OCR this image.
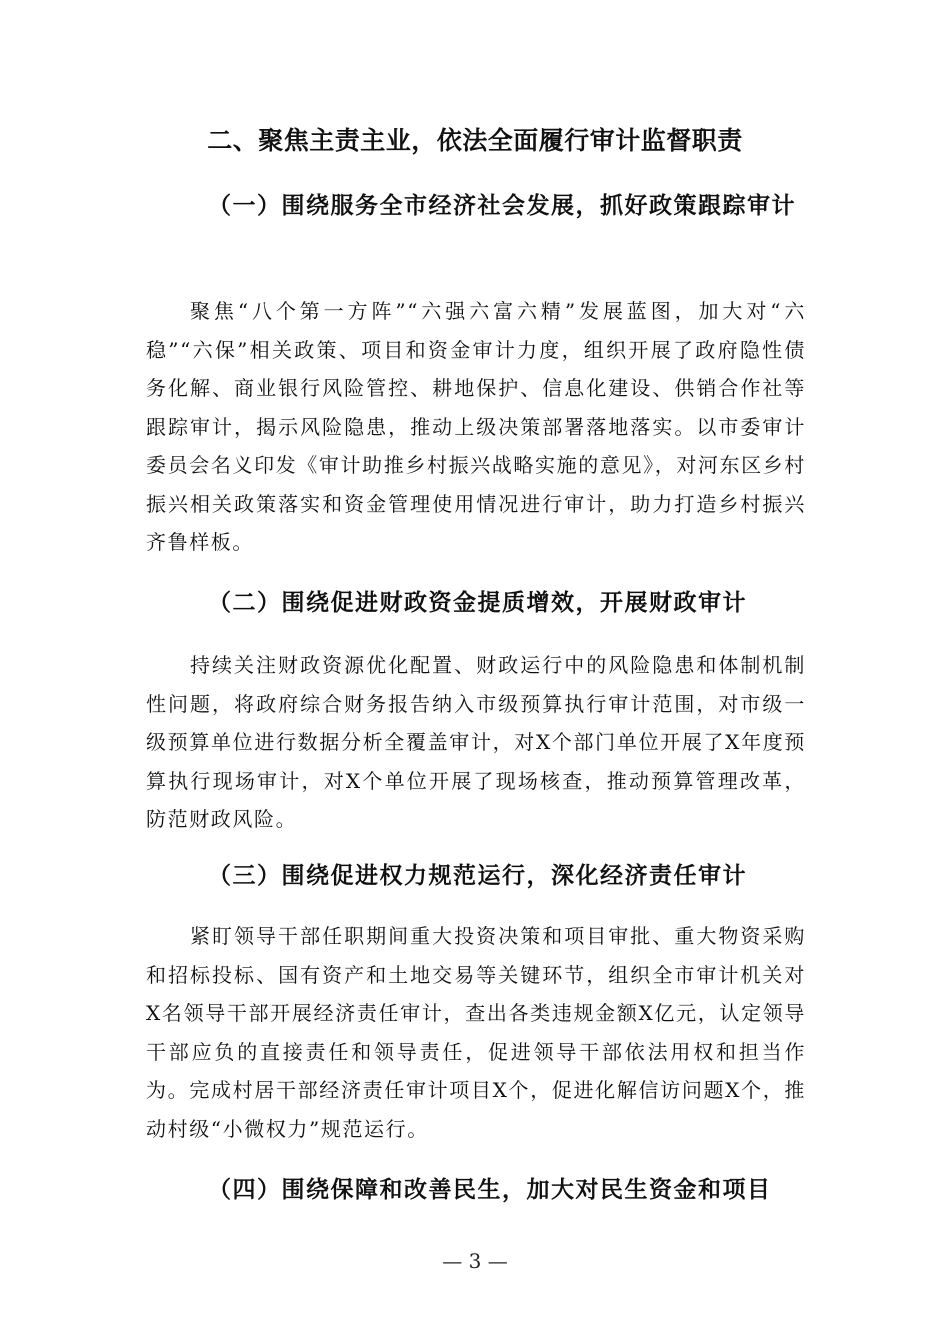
二、聚焦主责主业，依法全面履行审计监督职责
（一）围绕服务全市经济社会发展，抓好政策跟踪审计
聚焦“八个第一方阵”“六强六富六精”发展蓝图，加大对“六稳”“六保”相关政策、项目和资金审计力度，组织开展了政府隐性债务化解、商业银行风险管控、耕地保护、信息化建设、供销合作社等跟踪审计，揭示风险隐患，推动上级决策部署落地落实。以市委审计委员会名义印发《审计助推乡村振兴战略实施的意见》，对河东区乡村振兴相关政策落实和资金管理使用情况进行审计，助力打造乡村振兴齐鲁样板。
（二）围绕促进财政资金提质增效，开展财政审计
持续关注财政资源优化配置、财政运行中的风险隐患和体制机制性问题，将政府综合财务报告纳入市级预算执行审计范围，对市级一级预算单位进行数据分析全覆盖审计，对X个部门单位开展了X年度预算执行现场审计，对X个单位开展了现场核查，推动预算管理改革，防范财政风险。
（三）围绕促进权力规范运行，深化经济责任审计
紧盯领导干部任职期间重大投资决策和项目审批、重大物资采购和招标投标、国有资产和土地交易等关键环节，组织全市审计机关对X名领导干部开展经济责任审计，查出各类违规金额X亿元，认定领导干部应负的直接责任和领导责任，促进领导干部依法用权和担当作为。完成村居干部经济责任审计项目X个，促进化解信访问题X个，推动村级“小微权力”规范运行。
（四）围绕保障和改善民生，加大对民生资金和项目
— 3 —
